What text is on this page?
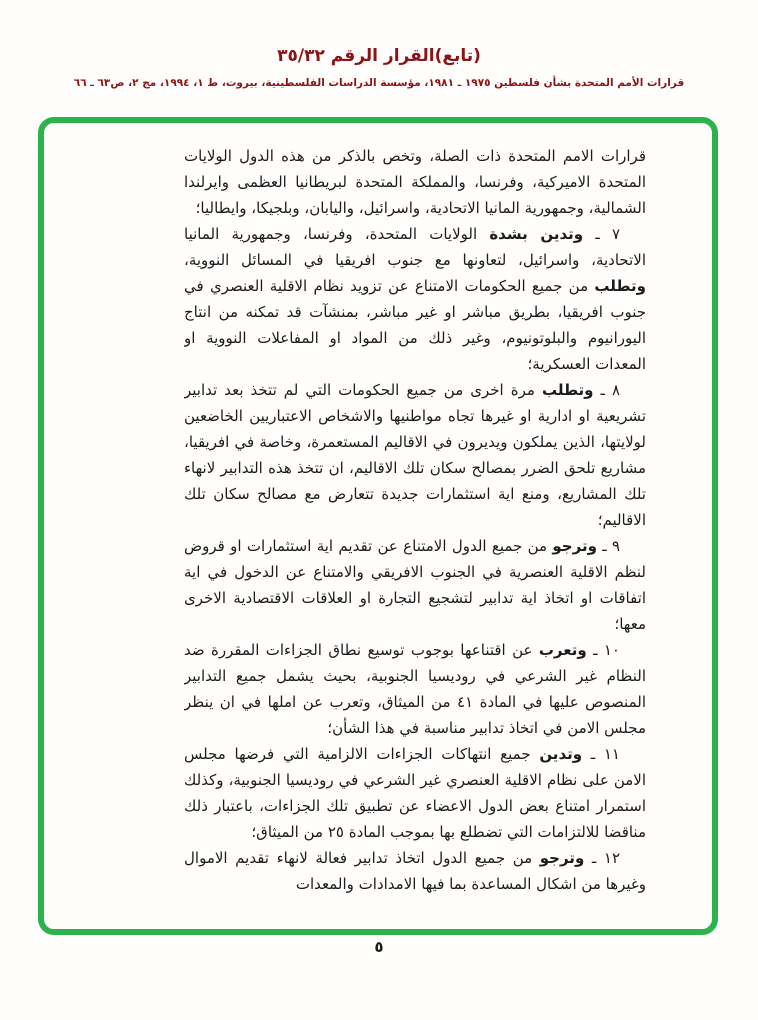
(تابع)القرار الرقم ٣٥/٣٢
قرارات الأمم المتحدة بشأن فلسطين ١٩٧٥ ـ ١٩٨١، مؤسسة الدراسات الفلسطينية، بيروت، ط ١، ١٩٩٤، مج ٢، ص٦٣ ـ ٦٦

قرارات الامم المتحدة ذات الصلة، وتخص بالذكر من هذه الدول الولايات المتحدة الاميركية، وفرنسا، والمملكة المتحدة لبريطانيا العظمى وايرلندا الشمالية، وجمهورية المانيا الاتحادية، واسرائيل، واليابان، وبلجيكا، وايطاليا؛

٧ ـ وتدين بشدة الولايات المتحدة، وفرنسا، وجمهورية المانيا الاتحادية، واسرائيل، لتعاونها مع جنوب افريقيا في المسائل النووية، وتطلب من جميع الحكومات الامتناع عن تزويد نظام الاقلية العنصري في جنوب افريقيا، بطريق مباشر او غير مباشر، بمنشآت قد تمكنه من انتاج اليورانيوم والبلوتونيوم، وغير ذلك من المواد او المفاعلات النووية او المعدات العسكرية؛

٨ ـ وتطلب مرة اخرى من جميع الحكومات التي لم تتخذ بعد تدابير تشريعية او ادارية او غيرها تجاه مواطنيها والاشخاص الاعتباريين الخاضعين لولايتها، الذين يملكون ويديرون في الاقاليم المستعمرة، وخاصة في افريقيا، مشاريع تلحق الضرر بمصالح سكان تلك الاقاليم، ان تتخذ هذه التدابير لانهاء تلك المشاريع، ومنع اية استثمارات جديدة تتعارض مع مصالح سكان تلك الاقاليم؛

٩ ـ وترجو من جميع الدول الامتناع عن تقديم اية استثمارات او قروض لنظم الاقلية العنصرية في الجنوب الافريقي والامتناع عن الدخول في اية اتفاقات او اتخاذ اية تدابير لتشجيع التجارة او العلاقات الاقتصادية الاخرى معها؛

١٠ ـ وتعرب عن اقتناعها بوجوب توسيع نطاق الجزاءات المقررة ضد النظام غير الشرعي في روديسيا الجنوبية، بحيث يشمل جميع التدابير المنصوص عليها في المادة ٤١ من الميثاق، وتعرب عن املها في ان ينظر مجلس الامن في اتخاذ تدابير مناسبة في هذا الشأن؛

١١ ـ وتدين جميع انتهاكات الجزاءات الالزامية التي فرضها مجلس الامن على نظام الاقلية العنصري غير الشرعي في روديسيا الجنوبية، وكذلك استمرار امتناع بعض الدول الاعضاء عن تطبيق تلك الجزاءات، باعتبار ذلك مناقضا للالتزامات التي تضطلع بها بموجب المادة ٢٥ من الميثاق؛

١٢ ـ وترجو من جميع الدول اتخاذ تدابير فعالة لانهاء تقديم الاموال وغيرها من اشكال المساعدة بما فيها الامدادات والمعدات

٥
